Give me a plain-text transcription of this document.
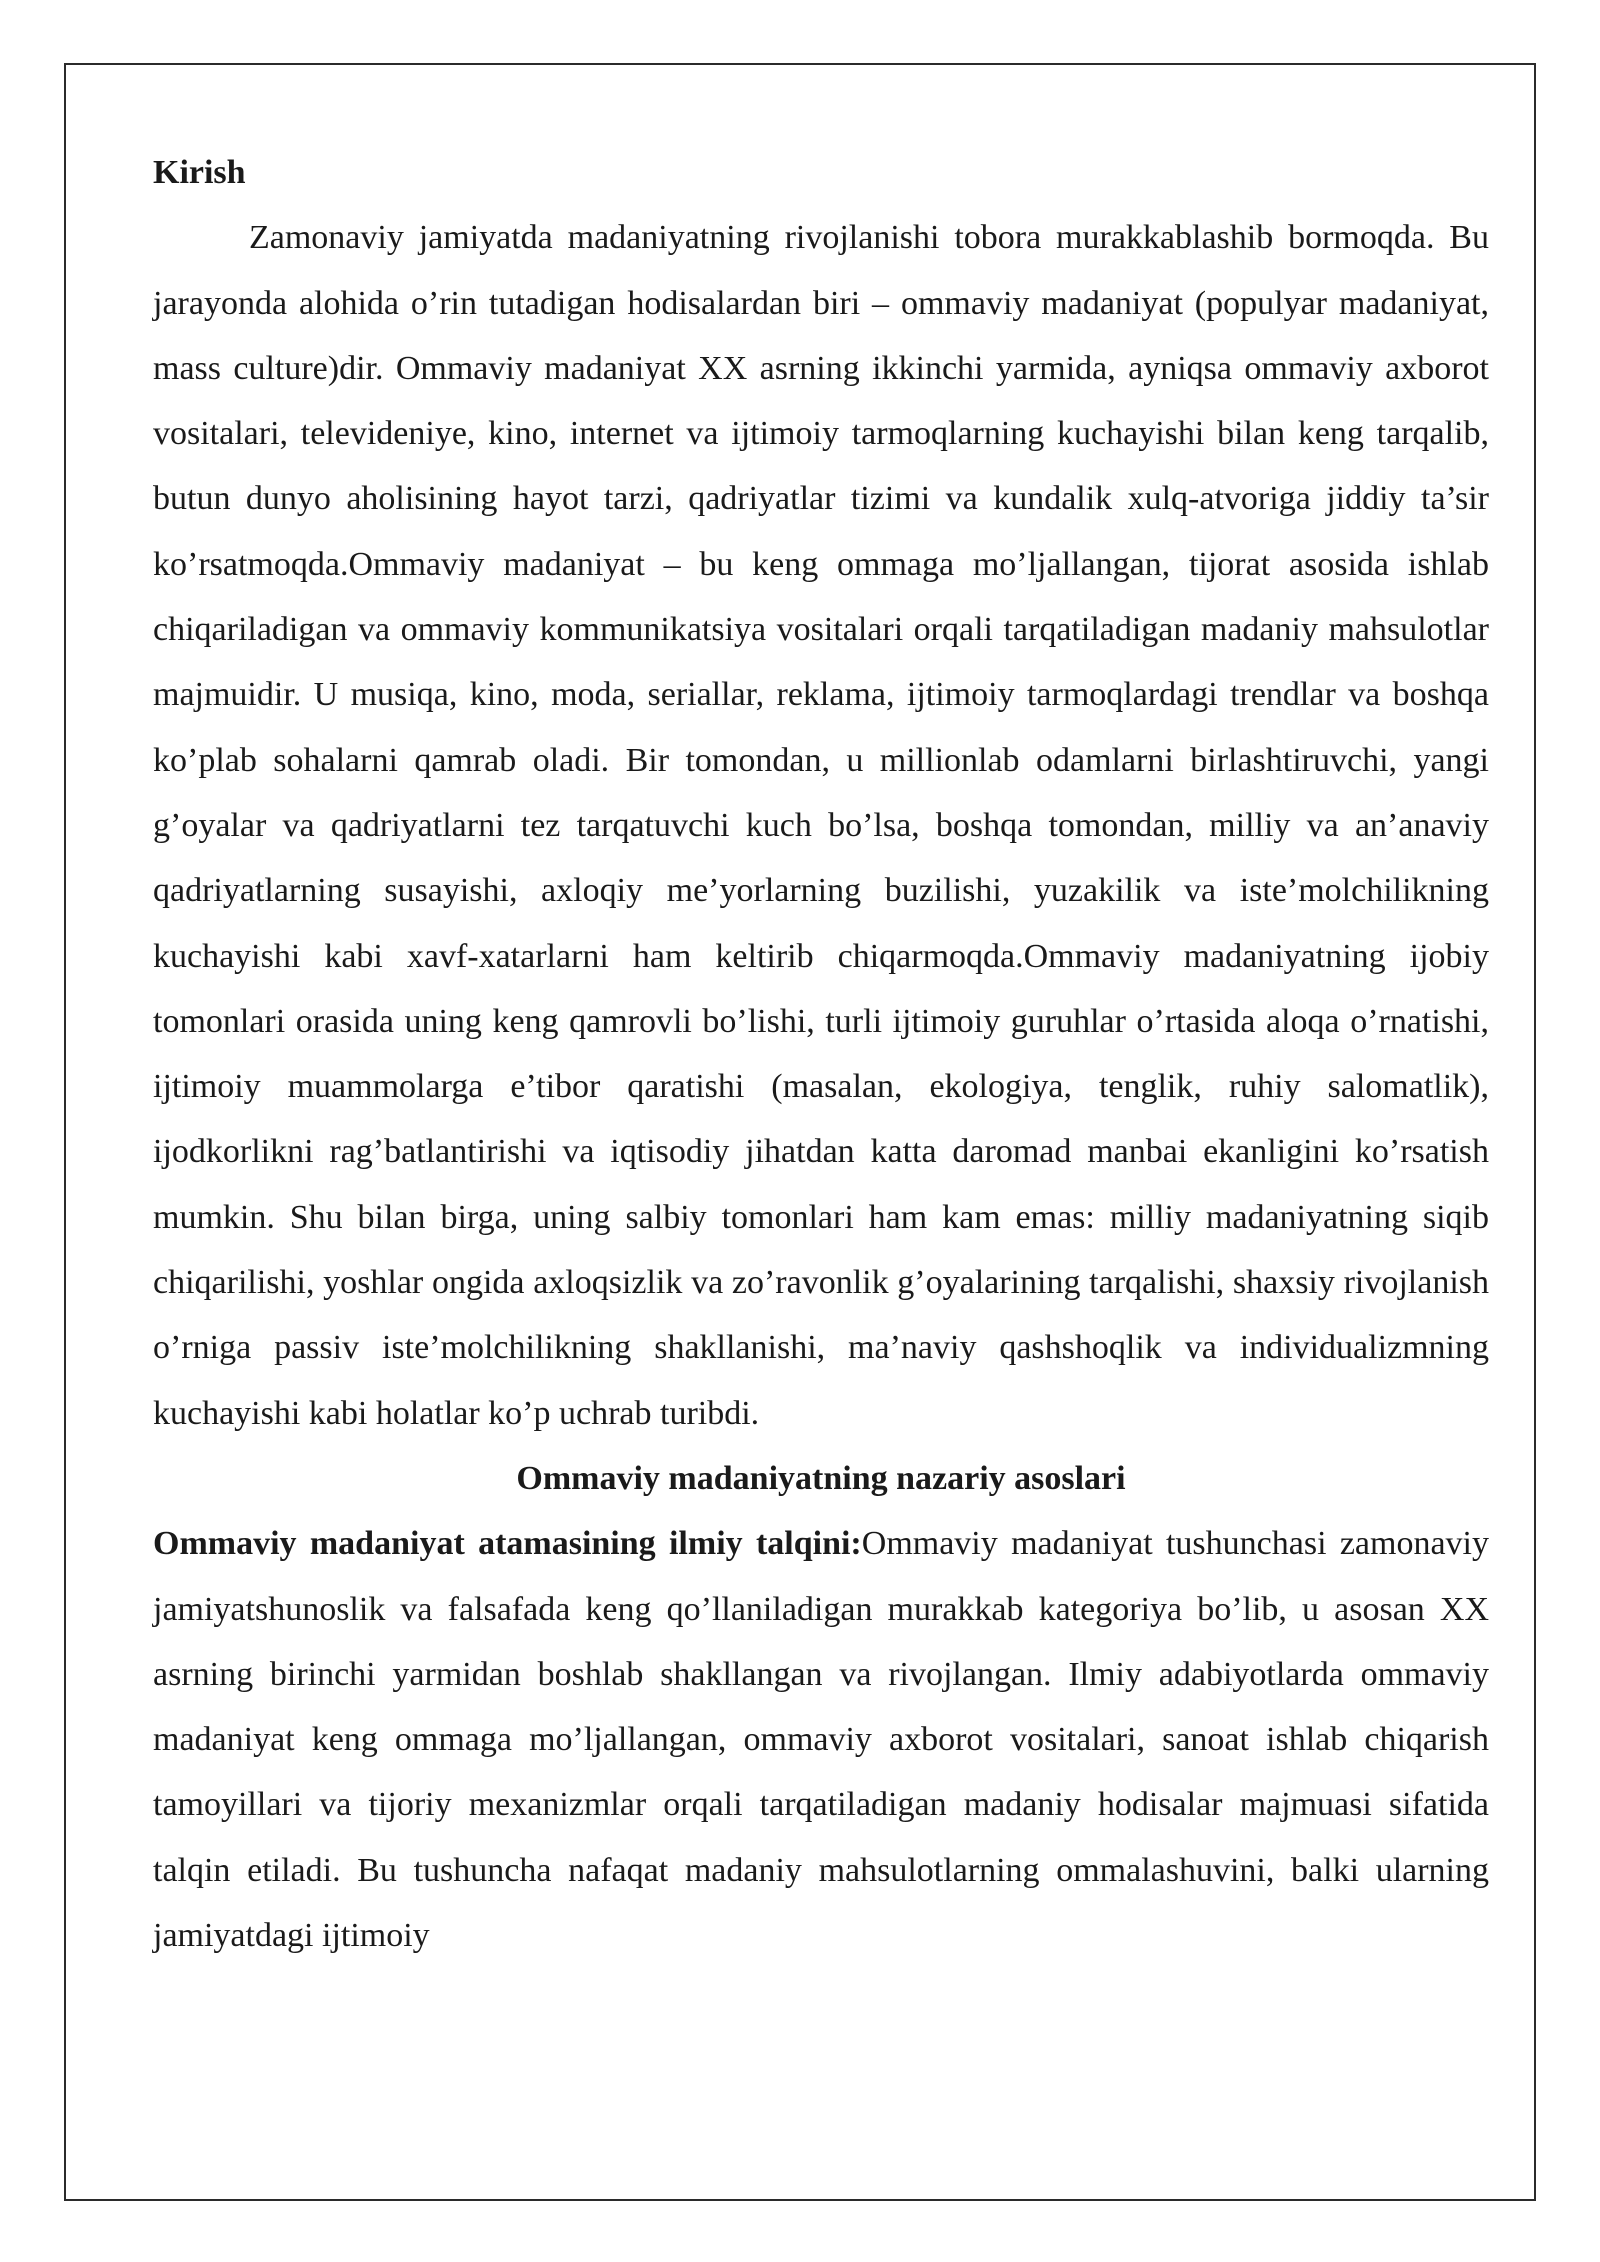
Kirish

Zamonaviy jamiyatda madaniyatning rivojlanishi tobora murakkablashib bormoqda. Bu jarayonda alohida o’rin tutadigan hodisalardan biri – ommaviy madaniyat (populyar madaniyat, mass culture)dir. Ommaviy madaniyat XX asrning ikkinchi yarmida, ayniqsa ommaviy axborot vositalari, televideniye, kino, internet va ijtimoiy tarmoqlarning kuchayishi bilan keng tarqalib, butun dunyo aholisining hayot tarzi, qadriyatlar tizimi va kundalik xulq-atvoriga jiddiy ta’sir ko’rsatmoqda.Ommaviy madaniyat – bu keng ommaga mo’ljallangan, tijorat asosida ishlab chiqariladigan va ommaviy kommunikatsiya vositalari orqali tarqatiladigan madaniy mahsulotlar majmuidir. U musiqa, kino, moda, seriallar, reklama, ijtimoiy tarmoqlardagi trendlar va boshqa ko’plab sohalarni qamrab oladi. Bir tomondan, u millionlab odamlarni birlashtiruvchi, yangi g’oyalar va qadriyatlarni tez tarqatuvchi kuch bo’lsa, boshqa tomondan, milliy va an’anaviy qadriyatlarning susayishi, axloqiy me’yorlarning buzilishi, yuzakilik va iste’molchilikning kuchayishi kabi xavf-xatarlarni ham keltirib chiqarmoqda.Ommaviy madaniyatning ijobiy tomonlari orasida uning keng qamrovli bo’lishi, turli ijtimoiy guruhlar o’rtasida aloqa o’rnatishi, ijtimoiy muammolarga e’tibor qaratishi (masalan, ekologiya, tenglik, ruhiy salomatlik), ijodkorlikni rag’batlantirishi va iqtisodiy jihatdan katta daromad manbai ekanligini ko’rsatish mumkin. Shu bilan birga, uning salbiy tomonlari ham kam emas: milliy madaniyatning siqib chiqarilishi, yoshlar ongida axloqsizlik va zo’ravonlik g’oyalarining tarqalishi, shaxsiy rivojlanish o’rniga passiv iste’molchilikning shakllanishi, ma’naviy qashshoqlik va individualizmning kuchayishi kabi holatlar ko’p uchrab turibdi.

Ommaviy madaniyatning nazariy asoslari

Ommaviy madaniyat atamasining ilmiy talqini:Ommaviy madaniyat tushunchasi zamonaviy jamiyatshunoslik va falsafada keng qo’llaniladigan murakkab kategoriya bo’lib, u asosan XX asrning birinchi yarmidan boshlab shakllangan va rivojlangan. Ilmiy adabiyotlarda ommaviy madaniyat keng ommaga mo’ljallangan, ommaviy axborot vositalari, sanoat ishlab chiqarish tamoyillari va tijoriy mexanizmlar orqali tarqatiladigan madaniy hodisalar majmuasi sifatida talqin etiladi. Bu tushuncha nafaqat madaniy mahsulotlarning ommalashuvini, balki ularning jamiyatdagi ijtimoiy
